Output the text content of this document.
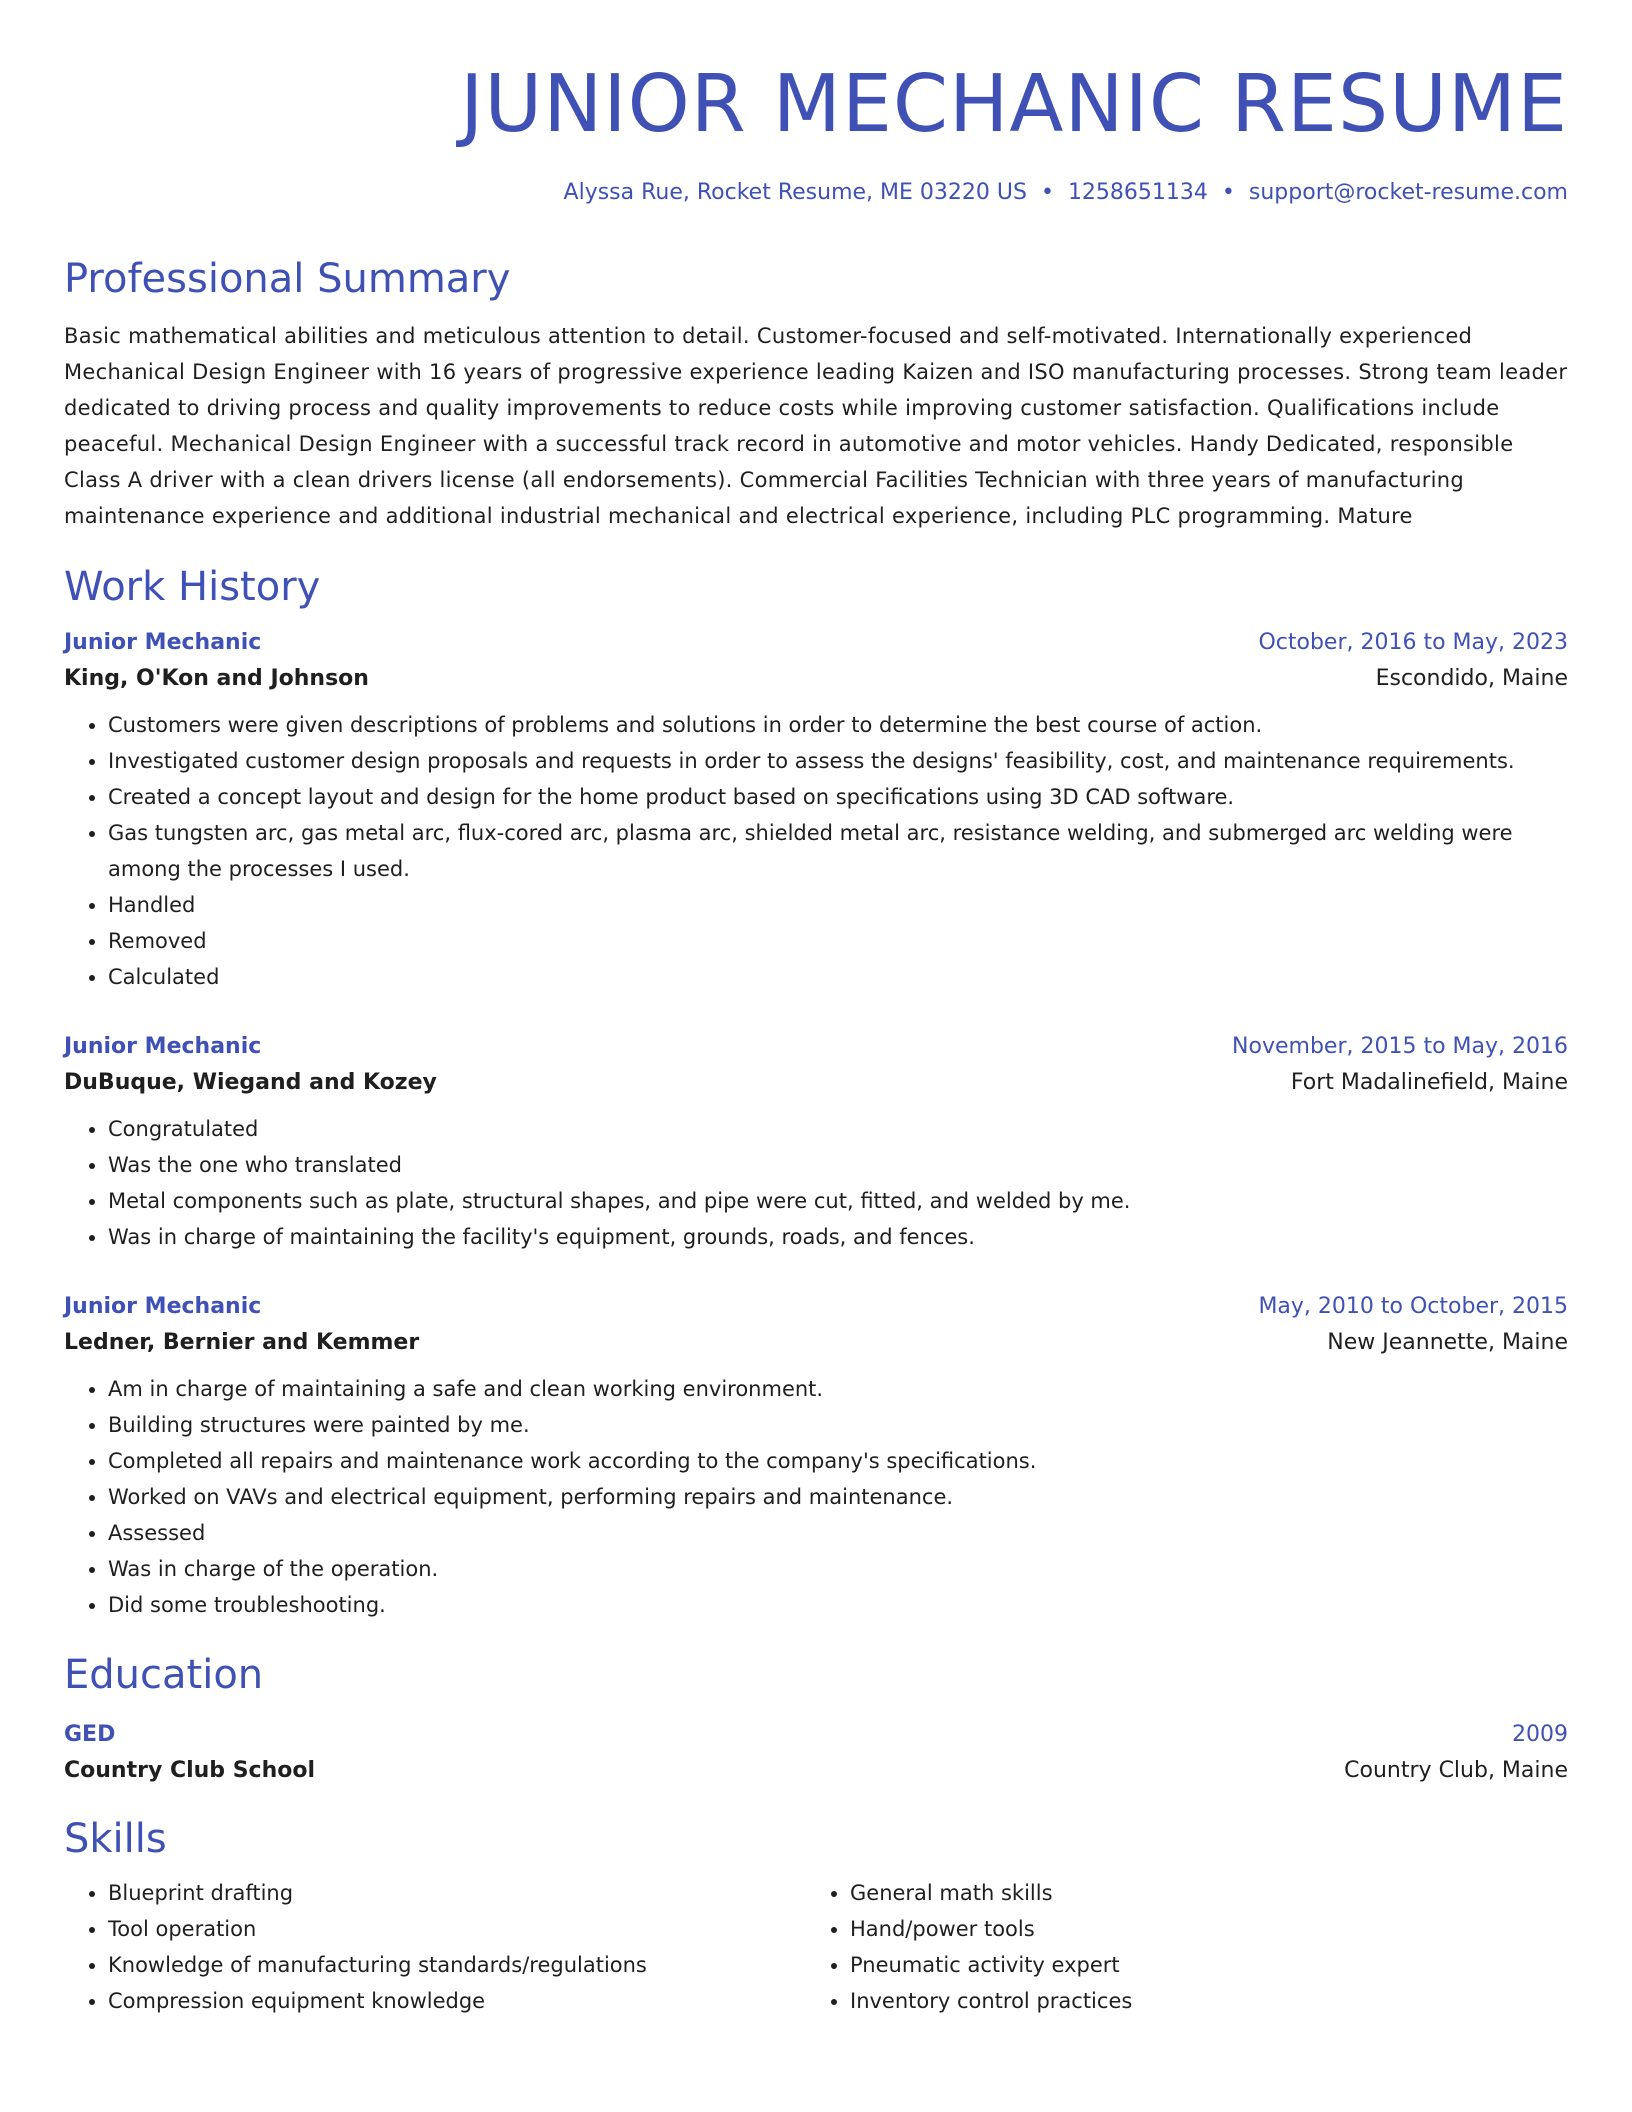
JUNIOR MECHANIC RESUME
Alyssa Rue, Rocket Resume, ME 03220 US • 1258651134 • support@rocket-resume.com
Professional Summary
Basic mathematical abilities and meticulous attention to detail. Customer-focused and self-motivated. Internationally experienced Mechanical Design Engineer with 16 years of progressive experience leading Kaizen and ISO manufacturing processes. Strong team leader dedicated to driving process and quality improvements to reduce costs while improving customer satisfaction. Qualifications include peaceful. Mechanical Design Engineer with a successful track record in automotive and motor vehicles. Handy Dedicated, responsible Class A driver with a clean drivers license (all endorsements). Commercial Facilities Technician with three years of manufacturing maintenance experience and additional industrial mechanical and electrical experience, including PLC programming. Mature
Work History
Junior Mechanic	October, 2016 to May, 2023
King, O'Kon and Johnson	Escondido, Maine
• Customers were given descriptions of problems and solutions in order to determine the best course of action.
• Investigated customer design proposals and requests in order to assess the designs' feasibility, cost, and maintenance requirements.
• Created a concept layout and design for the home product based on specifications using 3D CAD software.
• Gas tungsten arc, gas metal arc, flux-cored arc, plasma arc, shielded metal arc, resistance welding, and submerged arc welding were among the processes I used.
• Handled
• Removed
• Calculated
Junior Mechanic	November, 2015 to May, 2016
DuBuque, Wiegand and Kozey	Fort Madalinefield, Maine
• Congratulated
• Was the one who translated
• Metal components such as plate, structural shapes, and pipe were cut, fitted, and welded by me.
• Was in charge of maintaining the facility's equipment, grounds, roads, and fences.
Junior Mechanic	May, 2010 to October, 2015
Ledner, Bernier and Kemmer	New Jeannette, Maine
• Am in charge of maintaining a safe and clean working environment.
• Building structures were painted by me.
• Completed all repairs and maintenance work according to the company's specifications.
• Worked on VAVs and electrical equipment, performing repairs and maintenance.
• Assessed
• Was in charge of the operation.
• Did some troubleshooting.
Education
GED	2009
Country Club School	Country Club, Maine
Skills
• Blueprint drafting
• Tool operation
• Knowledge of manufacturing standards/regulations
• Compression equipment knowledge
• General math skills
• Hand/power tools
• Pneumatic activity expert
• Inventory control practices
